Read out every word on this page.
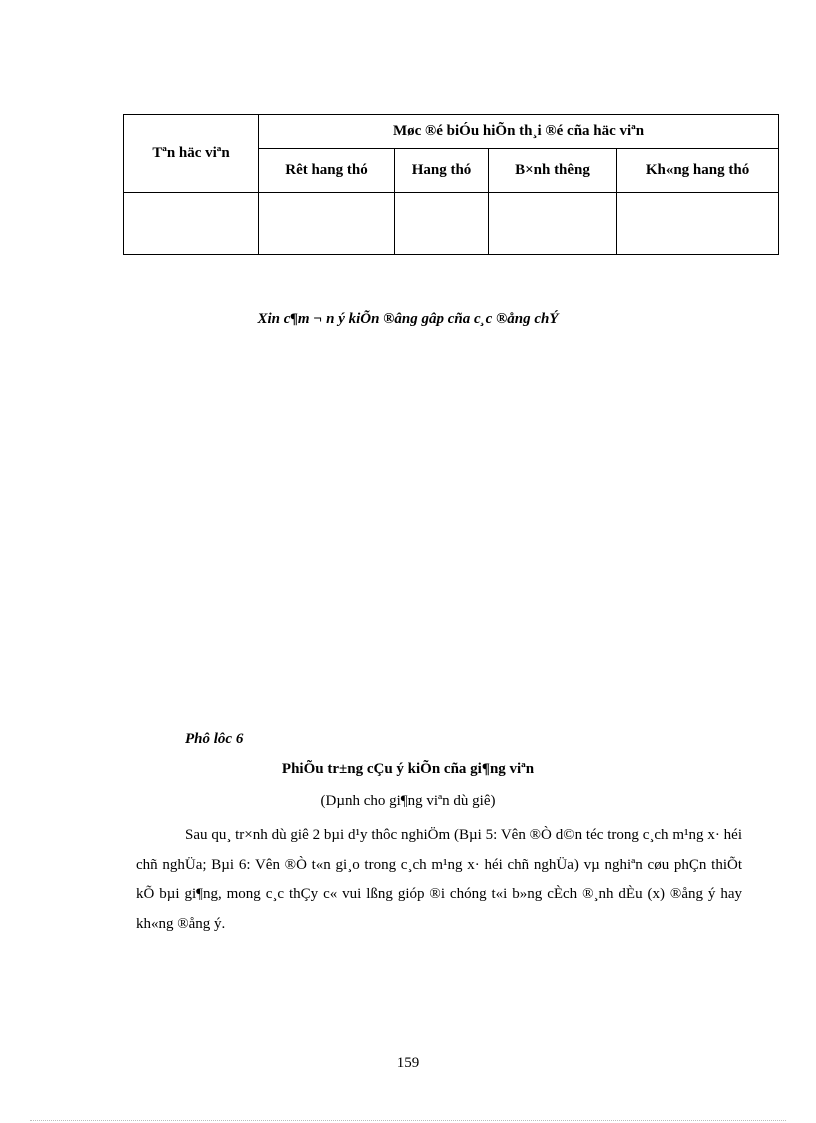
Tªn häc viªn	Møc ®é biÓu hiÕn th¸i ®é cña häc viªn			
	Rêt hang thó	Hang thó	B×nh thêng	Kh«ng hang thó

Xin c¶m ¬ n ý kiÕn ®âng gâp cña c¸c ®ång chÝ
Phô lôc 6
PhiÕu tr±ng cÇu ý kiÕn cña gi¶ng viªn
(Dµnh cho gi¶ng viªn dù giê)

Sau qu¸ tr×nh dù giê 2 bµi d¹y thôc nghiÖm (Bµi 5: Vên ®Ò d©n téc trong c¸ch m¹ng x· héi chñ nghÜa; Bµi 6: Vên ®Ò t«n gi¸o trong c¸ch m¹ng x· héi chñ nghÜa) vµ nghiªn cøu phÇn thiÕt kÕ bµi gi¶ng, mong c¸c thÇy c« vui lßng gióp ®i chóng t«i b»ng cÈch ®¸nh dÈu (x) ®ång ý hay kh«ng ®ång ý.

159
